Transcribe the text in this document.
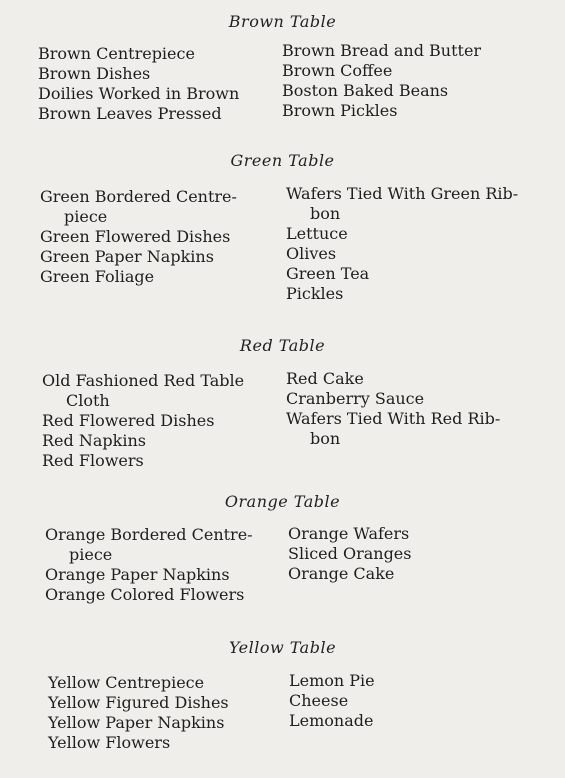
Brown Table
Brown Centrepiece
Brown Dishes
Doilies Worked in Brown
Brown Leaves Pressed
Brown Bread and Butter
Brown Coffee
Boston Baked Beans
Brown Pickles
Green Table
Green Bordered Centre-
piece
Green Flowered Dishes
Green Paper Napkins
Green Foliage
Wafers Tied With Green Rib-
bon
Lettuce
Olives
Green Tea
Pickles
Red Table
Old Fashioned Red Table
Cloth
Red Flowered Dishes
Red Napkins
Red Flowers
Red Cake
Cranberry Sauce
Wafers Tied With Red Rib-
bon
Orange Table
Orange Bordered Centre-
piece
Orange Paper Napkins
Orange Colored Flowers
Orange Wafers
Sliced Oranges
Orange Cake
Yellow Table
Yellow Centrepiece
Yellow Figured Dishes
Yellow Paper Napkins
Yellow Flowers
Lemon Pie
Cheese
Lemonade
